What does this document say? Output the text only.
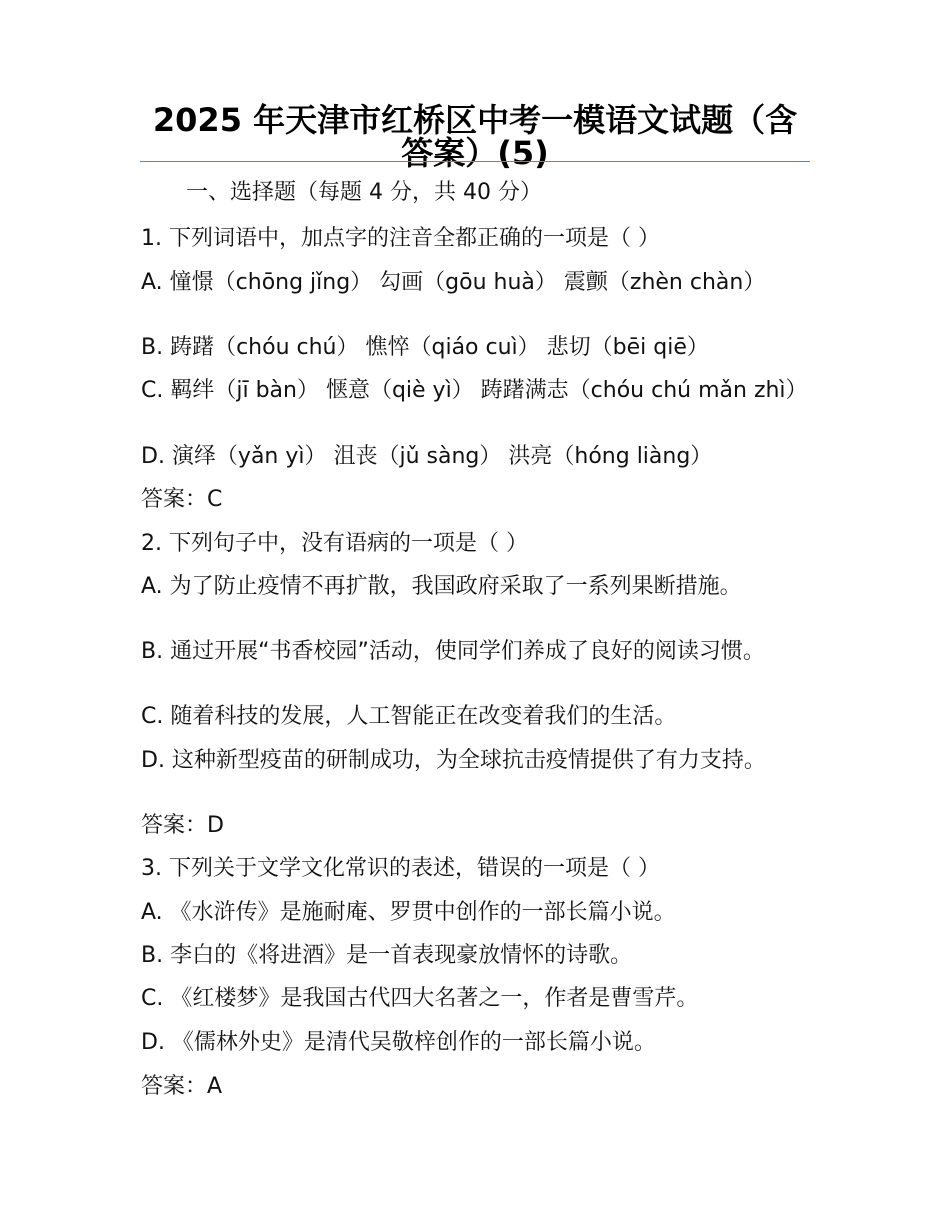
2025 年天津市红桥区中考一模语文试题（含答案）(5)
一、选择题（每题 4 分，共 40 分）
1. 下列词语中，加点字的注音全都正确的一项是（ ）
A. 憧憬（chōng jǐng） 勾画（gōu huà） 震颤（zhèn chàn）
B. 踌躇（chóu chú） 憔悴（qiáo cuì） 悲切（bēi qiē）
C. 羁绊（jī bàn） 惬意（qiè yì） 踌躇满志（chóu chú mǎn zhì）
D. 演绎（yǎn yì） 沮丧（jǔ sàng） 洪亮（hóng liàng）
答案：C
2. 下列句子中，没有语病的一项是（ ）
A. 为了防止疫情不再扩散，我国政府采取了一系列果断措施。
B. 通过开展“书香校园”活动，使同学们养成了良好的阅读习惯。
C. 随着科技的发展，人工智能正在改变着我们的生活。
D. 这种新型疫苗的研制成功，为全球抗击疫情提供了有力支持。
答案：D
3. 下列关于文学文化常识的表述，错误的一项是（ ）
A. 《水浒传》是施耐庵、罗贯中创作的一部长篇小说。
B. 李白的《将进酒》是一首表现豪放情怀的诗歌。
C. 《红楼梦》是我国古代四大名著之一，作者是曹雪芹。
D. 《儒林外史》是清代吴敬梓创作的一部长篇小说。
答案：A
